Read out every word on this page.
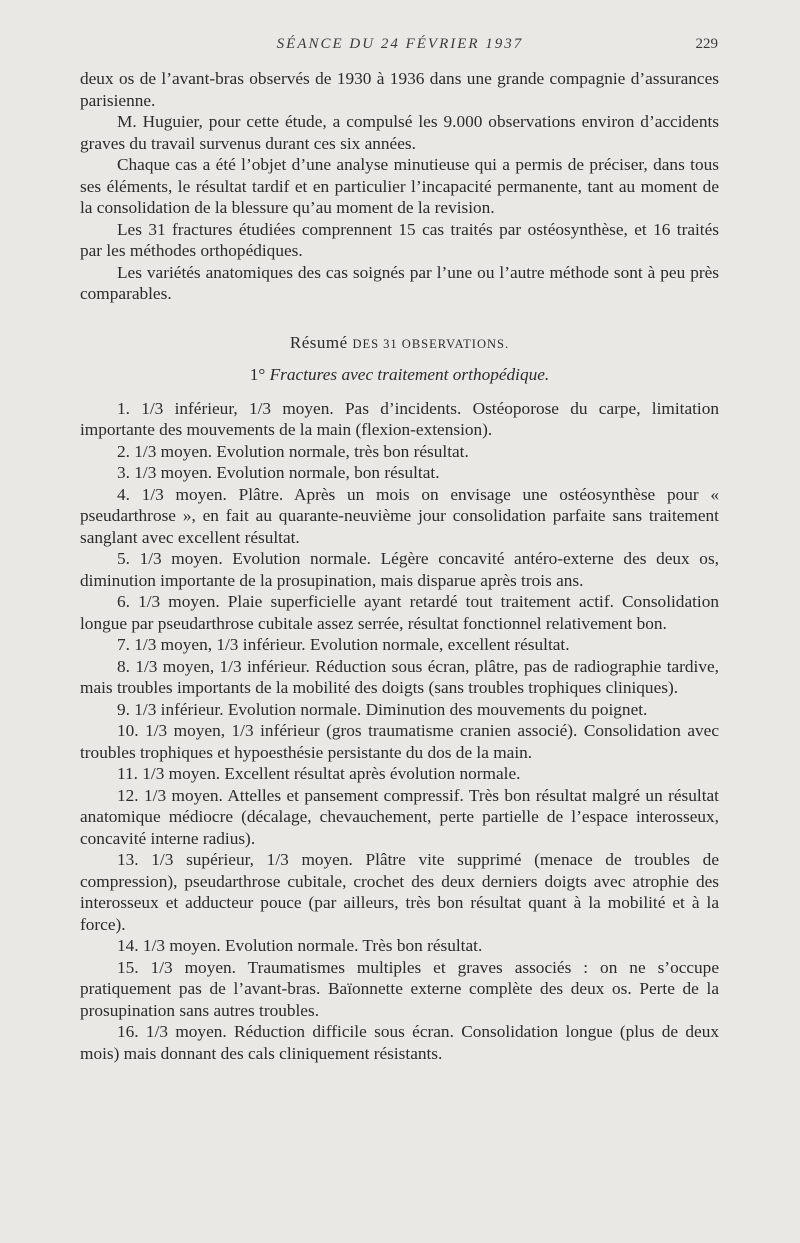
SÉANCE DU 24 FÉVRIER 1937	229

deux os de l’avant-bras observés de 1930 à 1936 dans une grande compagnie d’assurances parisienne.

M. Huguier, pour cette étude, a compulsé les 9.000 observations environ d’accidents graves du travail survenus durant ces six années.

Chaque cas a été l’objet d’une analyse minutieuse qui a permis de préciser, dans tous ses éléments, le résultat tardif et en particulier l’incapacité permanente, tant au moment de la consolidation de la blessure qu’au moment de la revision.

Les 31 fractures étudiées comprennent 15 cas traités par ostéosynthèse, et 16 traités par les méthodes orthopédiques.

Les variétés anatomiques des cas soignés par l’une ou l’autre méthode sont à peu près comparables.

Résumé DES 31 OBSERVATIONS.

1° Fractures avec traitement orthopédique.

1. 1/3 inférieur, 1/3 moyen. Pas d’incidents. Ostéoporose du carpe, limitation importante des mouvements de la main (flexion-extension).

2. 1/3 moyen. Evolution normale, très bon résultat.

3. 1/3 moyen. Evolution normale, bon résultat.

4. 1/3 moyen. Plâtre. Après un mois on envisage une ostéosynthèse pour « pseudarthrose », en fait au quarante-neuvième jour consolidation parfaite sans traitement sanglant avec excellent résultat.

5. 1/3 moyen. Evolution normale. Légère concavité antéro-externe des deux os, diminution importante de la prosupination, mais disparue après trois ans.

6. 1/3 moyen. Plaie superficielle ayant retardé tout traitement actif. Consolidation longue par pseudarthrose cubitale assez serrée, résultat fonctionnel relativement bon.

7. 1/3 moyen, 1/3 inférieur. Evolution normale, excellent résultat.

8. 1/3 moyen, 1/3 inférieur. Réduction sous écran, plâtre, pas de radiographie tardive, mais troubles importants de la mobilité des doigts (sans troubles trophiques cliniques).

9. 1/3 inférieur. Evolution normale. Diminution des mouvements du poignet.

10. 1/3 moyen, 1/3 inférieur (gros traumatisme cranien associé). Consolidation avec troubles trophiques et hypoesthésie persistante du dos de la main.

11. 1/3 moyen. Excellent résultat après évolution normale.

12. 1/3 moyen. Attelles et pansement compressif. Très bon résultat malgré un résultat anatomique médiocre (décalage, chevauchement, perte partielle de l’espace interosseux, concavité interne radius).

13. 1/3 supérieur, 1/3 moyen. Plâtre vite supprimé (menace de troubles de compression), pseudarthrose cubitale, crochet des deux derniers doigts avec atrophie des interosseux et adducteur pouce (par ailleurs, très bon résultat quant à la mobilité et à la force).

14. 1/3 moyen. Evolution normale. Très bon résultat.

15. 1/3 moyen. Traumatismes multiples et graves associés : on ne s’occupe pratiquement pas de l’avant-bras. Baïonnette externe complète des deux os. Perte de la prosupination sans autres troubles.

16. 1/3 moyen. Réduction difficile sous écran. Consolidation longue (plus de deux mois) mais donnant des cals cliniquement résistants.
